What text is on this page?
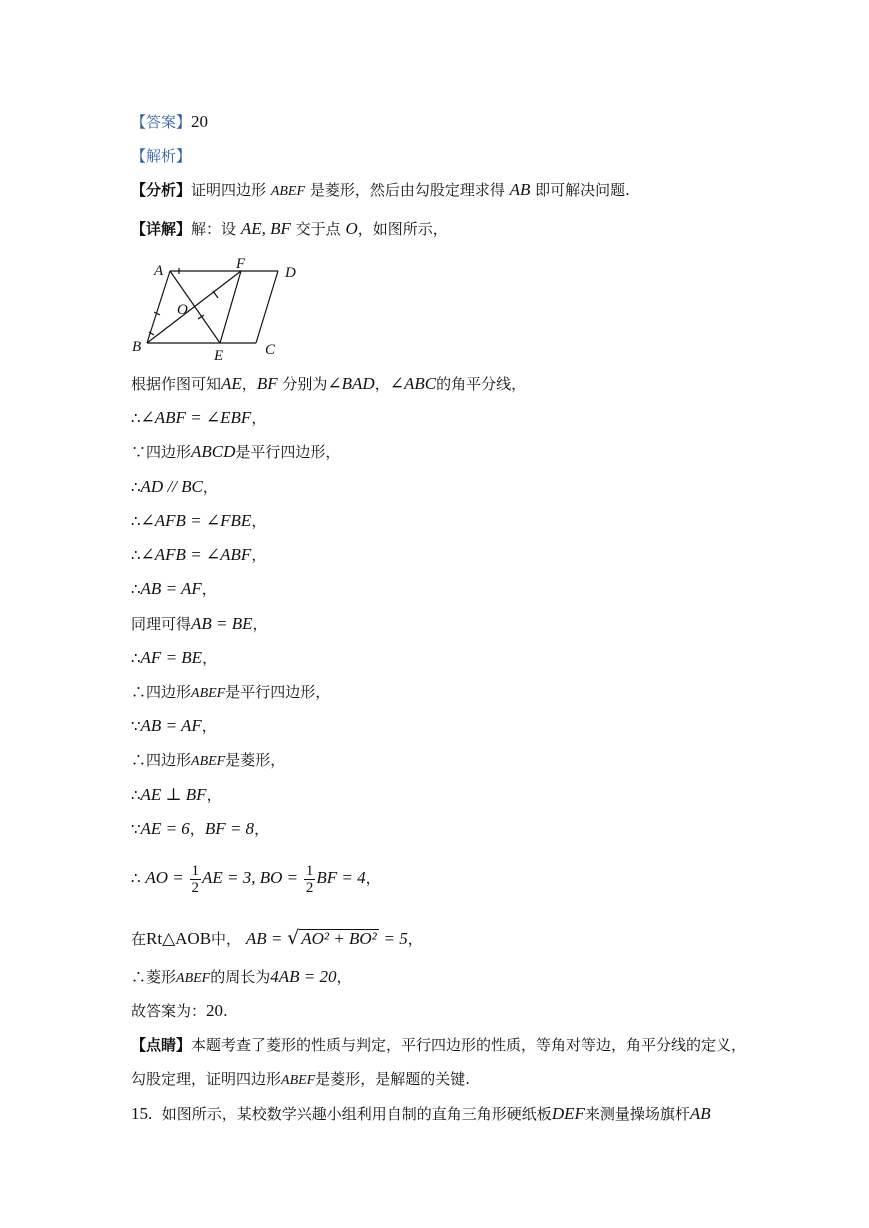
【答案】20
【解析】
【分析】证明四边形 ABEF 是菱形，然后由勾股定理求得 AB 即可解决问题.
【详解】解：设 AE, BF 交于点 O，如图所示，
A	F
D
O
B
E	C
根据作图可知AE，BF 分别为∠BAD，∠ABC的角平分线，
∴∠ABF = ∠EBF，
∵四边形ABCD是平行四边形，
∴AD // BC，
∴∠AFB = ∠FBE，
∴∠AFB = ∠ABF，
∴AB = AF，
同理可得AB = BE，
∴AF = BE，
∴四边形ABEF是平行四边形，
∵AB = AF，
∴四边形ABEF是菱形，
∴AE ⊥ BF，
∵AE = 6，BF = 8，
∴ AO = $\frac{1}{2}$ AE = 3, BO = $\frac{1}{2}$ BF = 4，
在Rt△AOB中， AB = √ AO² + BO² = 5，
∴菱形ABEF的周长为4AB = 20，
故答案为：20.
【点睛】本题考查了菱形的性质与判定，平行四边形的性质，等角对等边，角平分线的定义，
勾股定理，证明四边形ABEF是菱形，是解题的关键.
15. 如图所示，某校数学兴趣小组利用自制的直角三角形硬纸板DEF来测量操场旗杆AB
